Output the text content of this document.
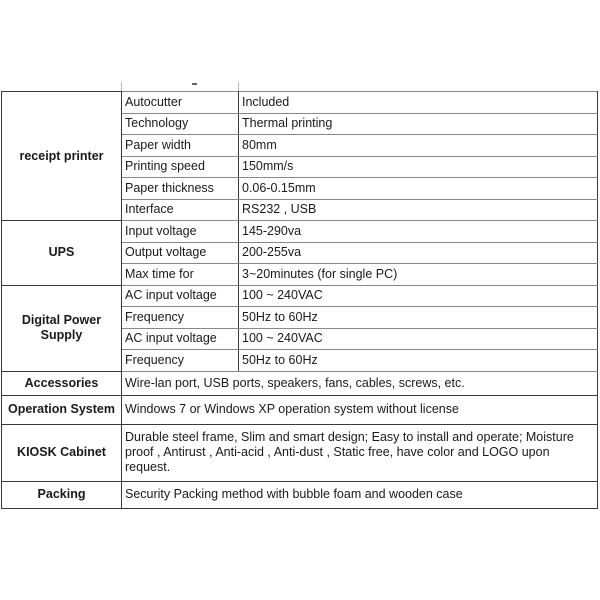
receipt printer	Autocutter	Included
	Technology	Thermal printing
	Paper width	80mm
	Printing speed	150mm/s
	Paper thickness	0.06-0.15mm
	Interface	RS232 , USB
UPS	Input voltage	145-290va
	Output voltage	200-255va

	Max time for	3~20minutes (for single PC)
Digital Power Supply	AC input voltage	100 ~ 240VAC
	Frequency	50Hz to 60Hz
	AC input voltage	100 ~ 240VAC
	Frequency	50Hz to 60Hz
Accessories	Wire-lan port, USB ports, speakers, fans, cables, screws, etc.	
Operation System	Windows 7 or Windows XP operation system without license	
KIOSK Cabinet	Durable steel frame, Slim and smart design; Easy to install and operate; Moisture proof , Antirust , Anti-acid , Anti-dust , Static free, have color and LOGO upon request.	
Packing	Security Packing method with bubble foam and wooden case	
